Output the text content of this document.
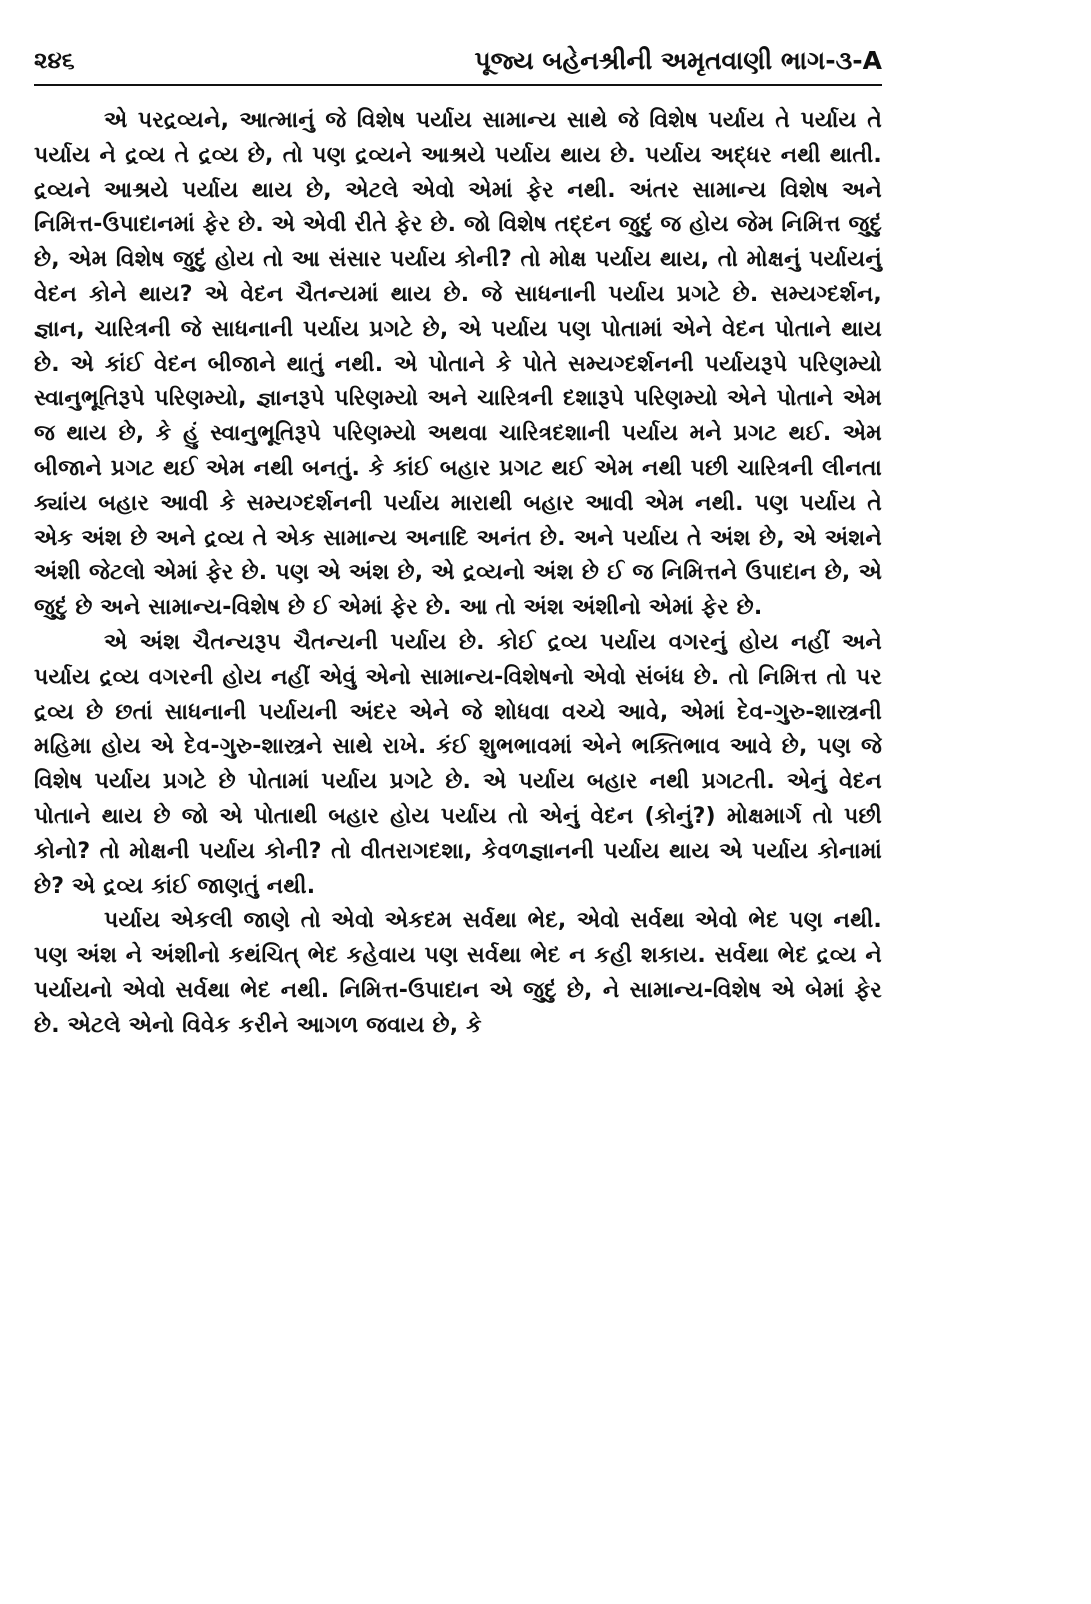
૨૪૬	પૂજ્ય બહેનશ્રીની અમૃતવાણી ભાગ-૩-A

એ પરદ્રવ્યને, આત્માનું જે વિશેષ પર્યાય સામાન્ય સાથે જે વિશેષ પર્યાય તે પર્યાય તે પર્યાય ને દ્રવ્ય તે દ્રવ્ય છે, તો પણ દ્રવ્યને આશ્રયે પર્યાય થાય છે. પર્યાય અદ્ધર નથી થાતી. દ્રવ્યને આશ્રયે પર્યાય થાય છે, એટલે એવો એમાં ફેર નથી. અંતર સામાન્ય વિશેષ અને નિમિત્ત-ઉપાદાનમાં ફેર છે. એ એવી રીતે ફેર છે. જો વિશેષ તદ્દન જુદું જ હોય જેમ નિમિત્ત જુદું છે, એમ વિશેષ જુદું હોય તો આ સંસાર પર્યાય કોની? તો મોક્ષ પર્યાય થાય, તો મોક્ષનું પર્યાયનું વેદન કોને થાય? એ વેદન ચૈતન્યમાં થાય છે. જે સાધનાની પર્યાય પ્રગટે છે. સમ્યગ્દર્શન, જ્ઞાન, ચારિત્રની જે સાધનાની પર્યાય પ્રગટે છે, એ પર્યાય પણ પોતામાં એને વેદન પોતાને થાય છે. એ કાંઈ વેદન બીજાને થાતું નથી. એ પોતાને કે પોતે સમ્યગ્દર્શનની પર્યાયરૂપે પરિણમ્યો સ્વાનુભૂતિરૂપે પરિણમ્યો, જ્ઞાનરૂપે પરિણમ્યો અને ચારિત્રની દશારૂપે પરિણમ્યો એને પોતાને એમ જ થાય છે, કે હું સ્વાનુભૂતિરૂપે પરિણમ્યો અથવા ચારિત્રદશાની પર્યાય મને પ્રગટ થઈ. એમ બીજાને પ્રગટ થઈ એમ નથી બનતું. કે કાંઈ બહાર પ્રગટ થઈ એમ નથી પછી ચારિત્રની લીનતા ક્યાંય બહાર આવી કે સમ્યગ્દર્શનની પર્યાય મારાથી બહાર આવી એમ નથી. પણ પર્યાય તે એક અંશ છે અને દ્રવ્ય તે એક સામાન્ય અનાદિ અનંત છે. અને પર્યાય તે અંશ છે, એ અંશને અંશી જેટલો એમાં ફેર છે. પણ એ અંશ છે, એ દ્રવ્યનો અંશ છે ઈ જ નિમિત્તને ઉપાદાન છે, એ જુદું છે અને સામાન્ય-વિશેષ છે ઈ એમાં ફેર છે. આ તો અંશ અંશીનો એમાં ફેર છે.

એ અંશ ચૈતન્યરૂપ ચૈતન્યની પર્યાય છે. કોઈ દ્રવ્ય પર્યાય વગરનું હોય નહીં અને પર્યાય દ્રવ્ય વગરની હોય નહીં એવું એનો સામાન્ય-વિશેષનો એવો સંબંધ છે. તો નિમિત્ત તો પર દ્રવ્ય છે છતાં સાધનાની પર્યાયની અંદર એને જે શોધવા વચ્ચે આવે, એમાં દેવ-ગુરુ-શાસ્ત્રની મહિમા હોય એ દેવ-ગુરુ-શાસ્ત્રને સાથે રાખે. કંઈ શુભભાવમાં એને ભક્તિભાવ આવે છે, પણ જે વિશેષ પર્યાય પ્રગટે છે પોતામાં પર્યાય પ્રગટે છે. એ પર્યાય બહાર નથી પ્રગટતી. એનું વેદન પોતાને થાય છે જો એ પોતાથી બહાર હોય પર્યાય તો એનું વેદન (કોનું?) મોક્ષમાર્ગ તો પછી કોનો? તો મોક્ષની પર્યાય કોની? તો વીતરાગદશા, કેવળજ્ઞાનની પર્યાય થાય એ પર્યાય કોનામાં છે? એ દ્રવ્ય કાંઈ જાણતું નથી.

પર્યાય એકલી જાણે તો એવો એકદમ સર્વથા ભેદ, એવો સર્વથા એવો ભેદ પણ નથી. પણ અંશ ને અંશીનો કથંચિત્ ભેદ કહેવાય પણ સર્વથા ભેદ ન કહી શકાય. સર્વથા ભેદ દ્રવ્ય ને પર્યાયનો એવો સર્વથા ભેદ નથી. નિમિત્ત-ઉપાદાન એ જુદું છે, ને સામાન્ય-વિશેષ એ બેમાં ફેર છે. એટલે એનો વિવેક કરીને આગળ જવાય છે, કે
